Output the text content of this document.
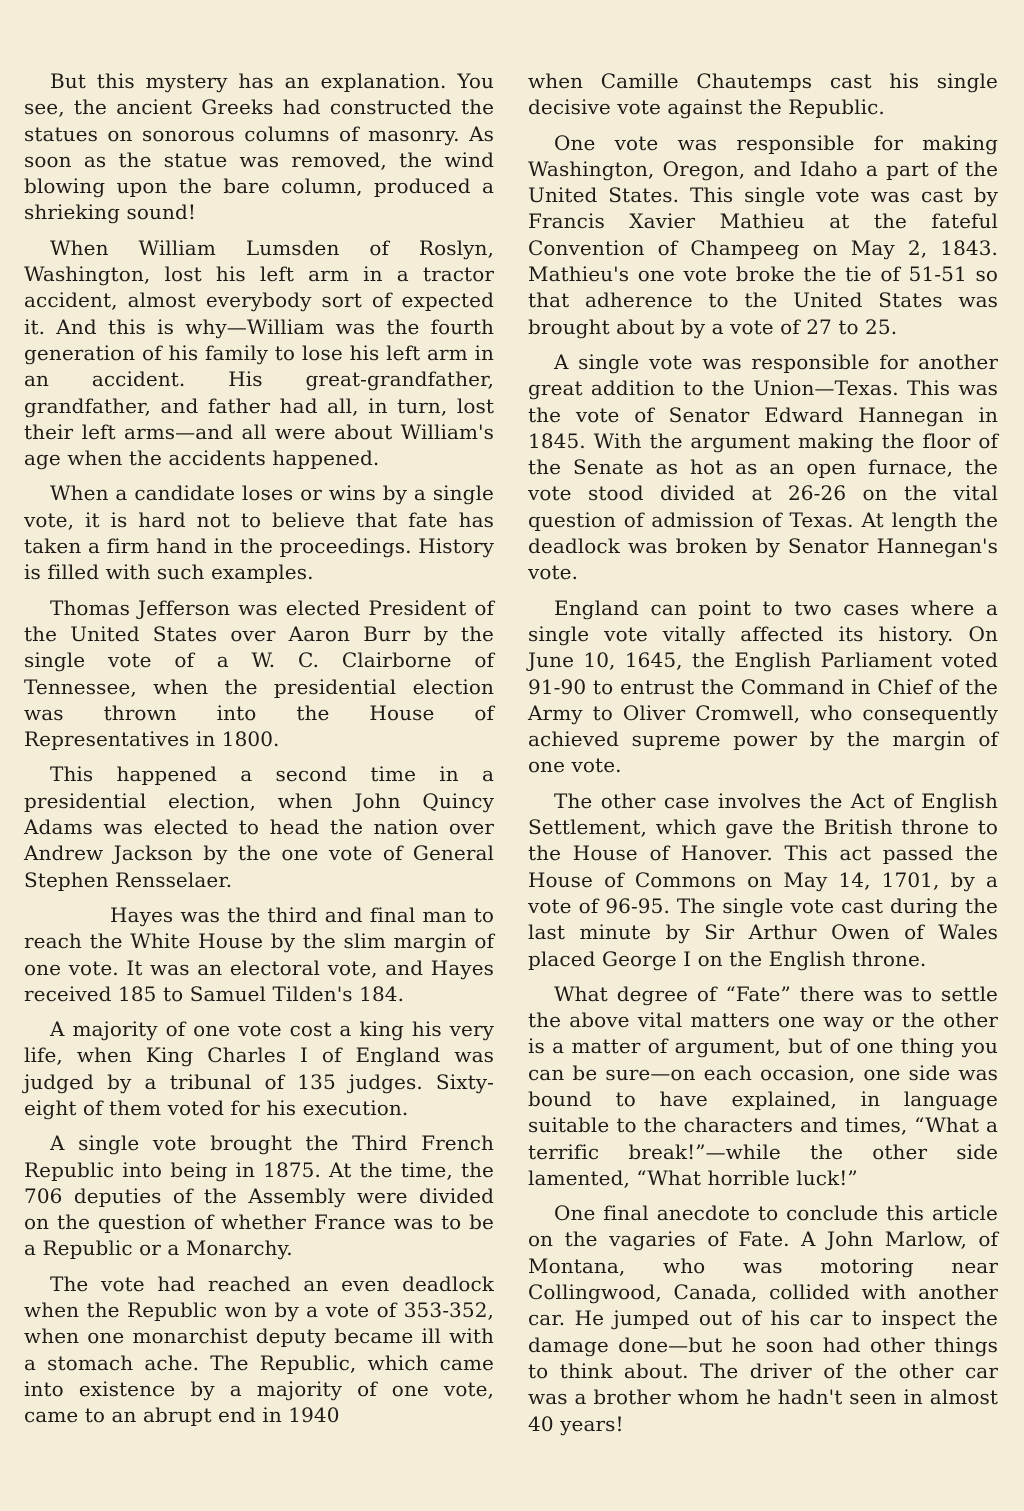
But this mystery has an explanation. You see, the ancient Greeks had constructed the statues on sonorous columns of masonry. As soon as the statue was removed, the wind blowing upon the bare column, produced a shrieking sound!

When William Lumsden of Roslyn, Washington, lost his left arm in a tractor accident, almost everybody sort of expected it. And this is why—William was the fourth generation of his family to lose his left arm in an accident. His great-grandfather, grandfather, and father had all, in turn, lost their left arms—and all were about William's age when the accidents happened.

When a candidate loses or wins by a single vote, it is hard not to believe that fate has taken a firm hand in the proceedings. History is filled with such examples.

Thomas Jefferson was elected President of the United States over Aaron Burr by the single vote of a W. C. Clairborne of Tennessee, when the presidential election was thrown into the House of Representatives in 1800.

This happened a second time in a presidential election, when John Quincy Adams was elected to head the nation over Andrew Jackson by the one vote of General Stephen Rensselaer.

Hayes was the third and final man to reach the White House by the slim margin of one vote. It was an electoral vote, and Hayes received 185 to Samuel Tilden's 184.

A majority of one vote cost a king his very life, when King Charles I of England was judged by a tribunal of 135 judges. Sixty-eight of them voted for his execution.

A single vote brought the Third French Republic into being in 1875. At the time, the 706 deputies of the Assembly were divided on the question of whether France was to be a Republic or a Monarchy.

The vote had reached an even deadlock when the Republic won by a vote of 353-352, when one monarchist deputy became ill with a stomach ache. The Republic, which came into existence by a majority of one vote, came to an abrupt end in 1940

when Camille Chautemps cast his single decisive vote against the Republic.

One vote was responsible for making Washington, Oregon, and Idaho a part of the United States. This single vote was cast by Francis Xavier Mathieu at the fateful Convention of Champeeg on May 2, 1843. Mathieu's one vote broke the tie of 51-51 so that adherence to the United States was brought about by a vote of 27 to 25.

A single vote was responsible for another great addition to the Union—Texas. This was the vote of Senator Edward Hannegan in 1845. With the argument making the floor of the Senate as hot as an open furnace, the vote stood divided at 26-26 on the vital question of admission of Texas. At length the deadlock was broken by Senator Hannegan's vote.

England can point to two cases where a single vote vitally affected its history. On June 10, 1645, the English Parliament voted 91-90 to entrust the Command in Chief of the Army to Oliver Cromwell, who consequently achieved supreme power by the margin of one vote.

The other case involves the Act of English Settlement, which gave the British throne to the House of Hanover. This act passed the House of Commons on May 14, 1701, by a vote of 96-95. The single vote cast during the last minute by Sir Arthur Owen of Wales placed George I on the English throne.

What degree of “Fate” there was to settle the above vital matters one way or the other is a matter of argument, but of one thing you can be sure—on each occasion, one side was bound to have explained, in language suitable to the characters and times, “What a terrific break!”—while the other side lamented, “What horrible luck!”

One final anecdote to conclude this article on the vagaries of Fate. A John Marlow, of Montana, who was motoring near Collingwood, Canada, collided with another car. He jumped out of his car to inspect the damage done—but he soon had other things to think about. The driver of the other car was a brother whom he hadn't seen in almost 40 years!
